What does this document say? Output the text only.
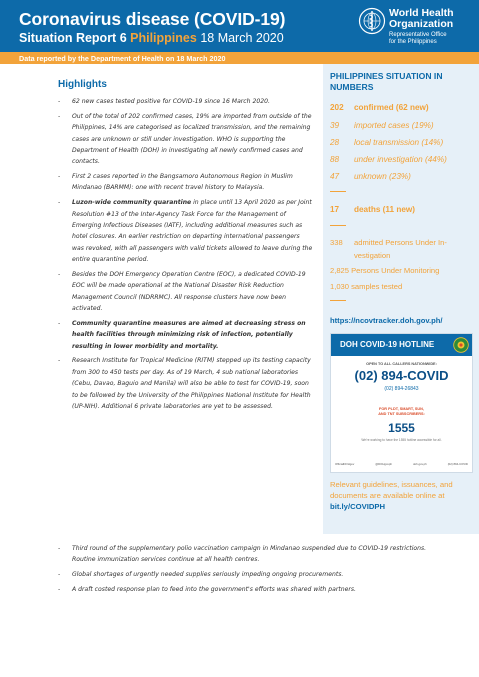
Coronavirus disease (COVID-19)
Situation Report 6 Philippines 18 March 2020
World Health
Organization
Representative Office
for the Philippines
Data reported by the Department of Health on 18 March 2020
Highlights
- 62 new cases tested positive for COVID-19 since 16 March 2020.
- Out of the total of 202 confirmed cases, 19% are imported from outside of the Philippines, 14% are categorised as localized transmission, and the remaining cases are unknown or still under investigation. WHO is supporting the Department of Health (DOH) in investigating all newly confirmed cases and contacts.
- First 2 cases reported in the Bangsamoro Autonomous Region in Muslim Mindanao (BARMM): one with recent travel history to Malaysia.
- Luzon-wide community quarantine in place until 13 April 2020 as per Joint Resolution #13 of the Inter-Agency Task Force for the Management of Emerging Infectious Diseases (IATF), including additional measures such as hotel closures. An earlier restriction on departing international passengers was revoked, with all passengers with valid tickets allowed to leave during the entire quarantine period.
- Besides the DOH Emergency Operation Centre (EOC), a dedicated COVID-19 EOC will be made operational at the National Disaster Risk Reduction Management Council (NDRRMC). All response clusters have now been activated.
- Community quarantine measures are aimed at decreasing stress on health facilities through minimizing risk of infection, potentially resulting in lower morbidity and mortality.
- Research Institute for Tropical Medicine (RITM) stepped up its testing capacity from 300 to 450 tests per day. As of 19 March, 4 sub national laboratories (Cebu, Davao, Baguio and Manila) will also be able to test for COVID-19, soon to be followed by the University of the Philippines National Institute for Health (UP-NIH). Additional 6 private laboratories are yet to be assessed.
- Third round of the supplementary polio vaccination campaign in Mindanao suspended due to COVID-19 restrictions. Routine immunization services continue at all health centres.
- Global shortages of urgently needed supplies seriously impeding ongoing procurements.
- A draft costed response plan to feed into the government's efforts was shared with partners.
PHILIPPINES SITUATION IN NUMBERS
202 confirmed (62 new)
39 imported cases (19%)
28 local transmission (14%)
88 under investigation (44%)
47 unknown (23%)
17 deaths (11 new)
338 admitted Persons Under In-
vestigation
2,825 Persons Under Monitoring
1,030 samples tested
https://ncovtracker.doh.gov.ph/
DOH COVID-19 HOTLINE
OPEN TO ALL CALLERS NATIONWIDE:
(02) 894-COVID
(02) 894-26843
FOR PLDT, SMART, SUN,
AND TNT SUBSCRIBERS:
1555
We're working to have the 1555 hotline accessible for all.
OfficialDOHgov	@DOHgovph	doh.gov.ph	(02) 894-COVID
Relevant guidelines, issuances, and documents are available online at bit.ly/COVIDPH
